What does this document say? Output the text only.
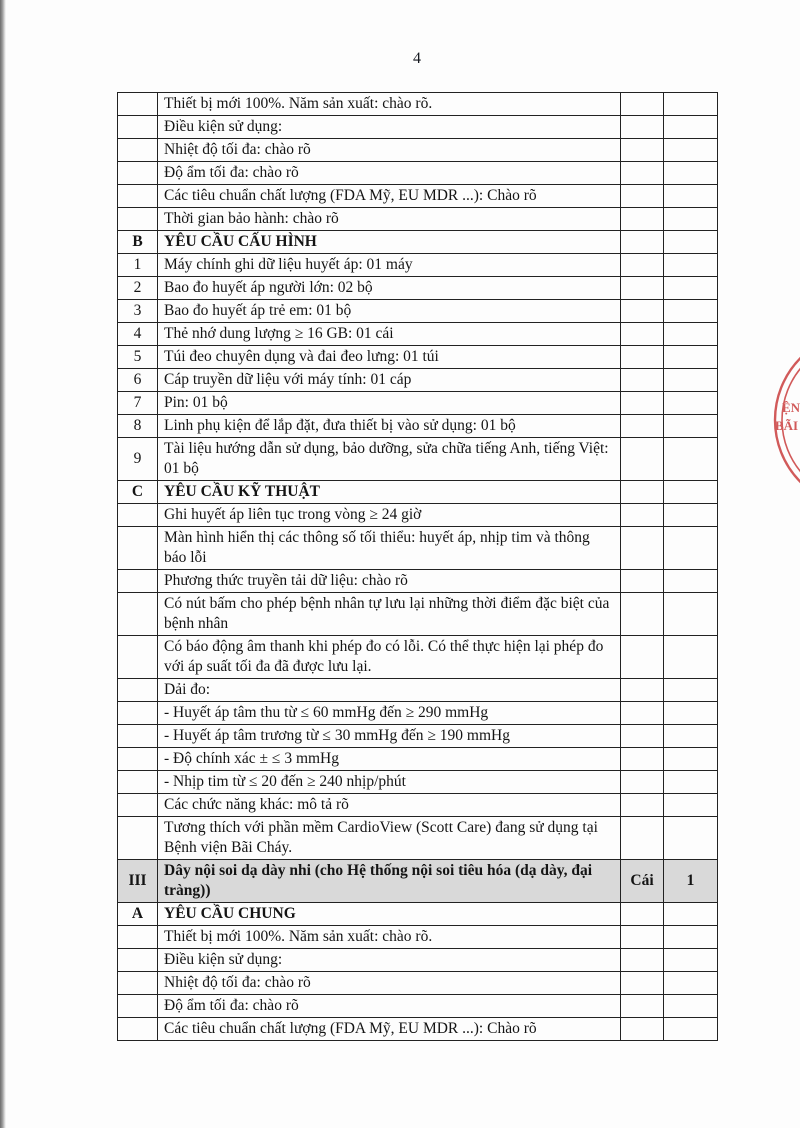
4
	Thiết bị mới 100%. Năm sản xuất: chào rõ.		
	Điều kiện sử dụng:		
	Nhiệt độ tối đa: chào rõ		
	Độ ẩm tối đa: chào rõ		
	Các tiêu chuẩn chất lượng (FDA Mỹ, EU MDR ...): Chào rõ		
	Thời gian bảo hành: chào rõ		
B	YÊU CẦU CẤU HÌNH		
1	Máy chính ghi dữ liệu huyết áp: 01 máy		
2	Bao đo huyết áp người lớn: 02 bộ		
3	Bao đo huyết áp trẻ em: 01 bộ		
4	Thẻ nhớ dung lượng ≥ 16 GB: 01 cái		
5	Túi đeo chuyên dụng và đai đeo lưng: 01 túi		
6	Cáp truyền dữ liệu với máy tính: 01 cáp		
7	Pin: 01 bộ		
8	Linh phụ kiện để lắp đặt, đưa thiết bị vào sử dụng: 01 bộ		
9	Tài liệu hướng dẫn sử dụng, bảo dưỡng, sửa chữa tiếng Anh, tiếng Việt: 01 bộ		
C	YÊU CẦU KỸ THUẬT		
	Ghi huyết áp liên tục trong vòng ≥ 24 giờ		
	Màn hình hiển thị các thông số tối thiểu: huyết áp, nhịp tim và thông báo lỗi		
	Phương thức truyền tải dữ liệu: chào rõ		
	Có nút bấm cho phép bệnh nhân tự lưu lại những thời điểm đặc biệt của bệnh nhân		
	Có báo động âm thanh khi phép đo có lỗi. Có thể thực hiện lại phép đo với áp suất tối đa đã được lưu lại.		
	Dải đo:		
	- Huyết áp tâm thu từ ≤ 60 mmHg đến ≥ 290 mmHg		
	- Huyết áp tâm trương từ ≤ 30 mmHg đến ≥ 190 mmHg		
	- Độ chính xác ± ≤ 3 mmHg		
	- Nhịp tim từ ≤ 20 đến ≥ 240 nhịp/phút		
	Các chức năng khác: mô tả rõ		
	Tương thích với phần mềm CardioView (Scott Care) đang sử dụng tại Bệnh viện Bãi Cháy.		
III	Dây nội soi dạ dày nhi (cho Hệ thống nội soi tiêu hóa (dạ dày, đại tràng))	Cái	1
A	YÊU CẦU CHUNG		
	Thiết bị mới 100%. Năm sản xuất: chào rõ.		
	Điều kiện sử dụng:		
	Nhiệt độ tối đa: chào rõ		
	Độ ẩm tối đa: chào rõ		
	Các tiêu chuẩn chất lượng (FDA Mỹ, EU MDR ...): Chào rõ		
ỆN
BÃI
